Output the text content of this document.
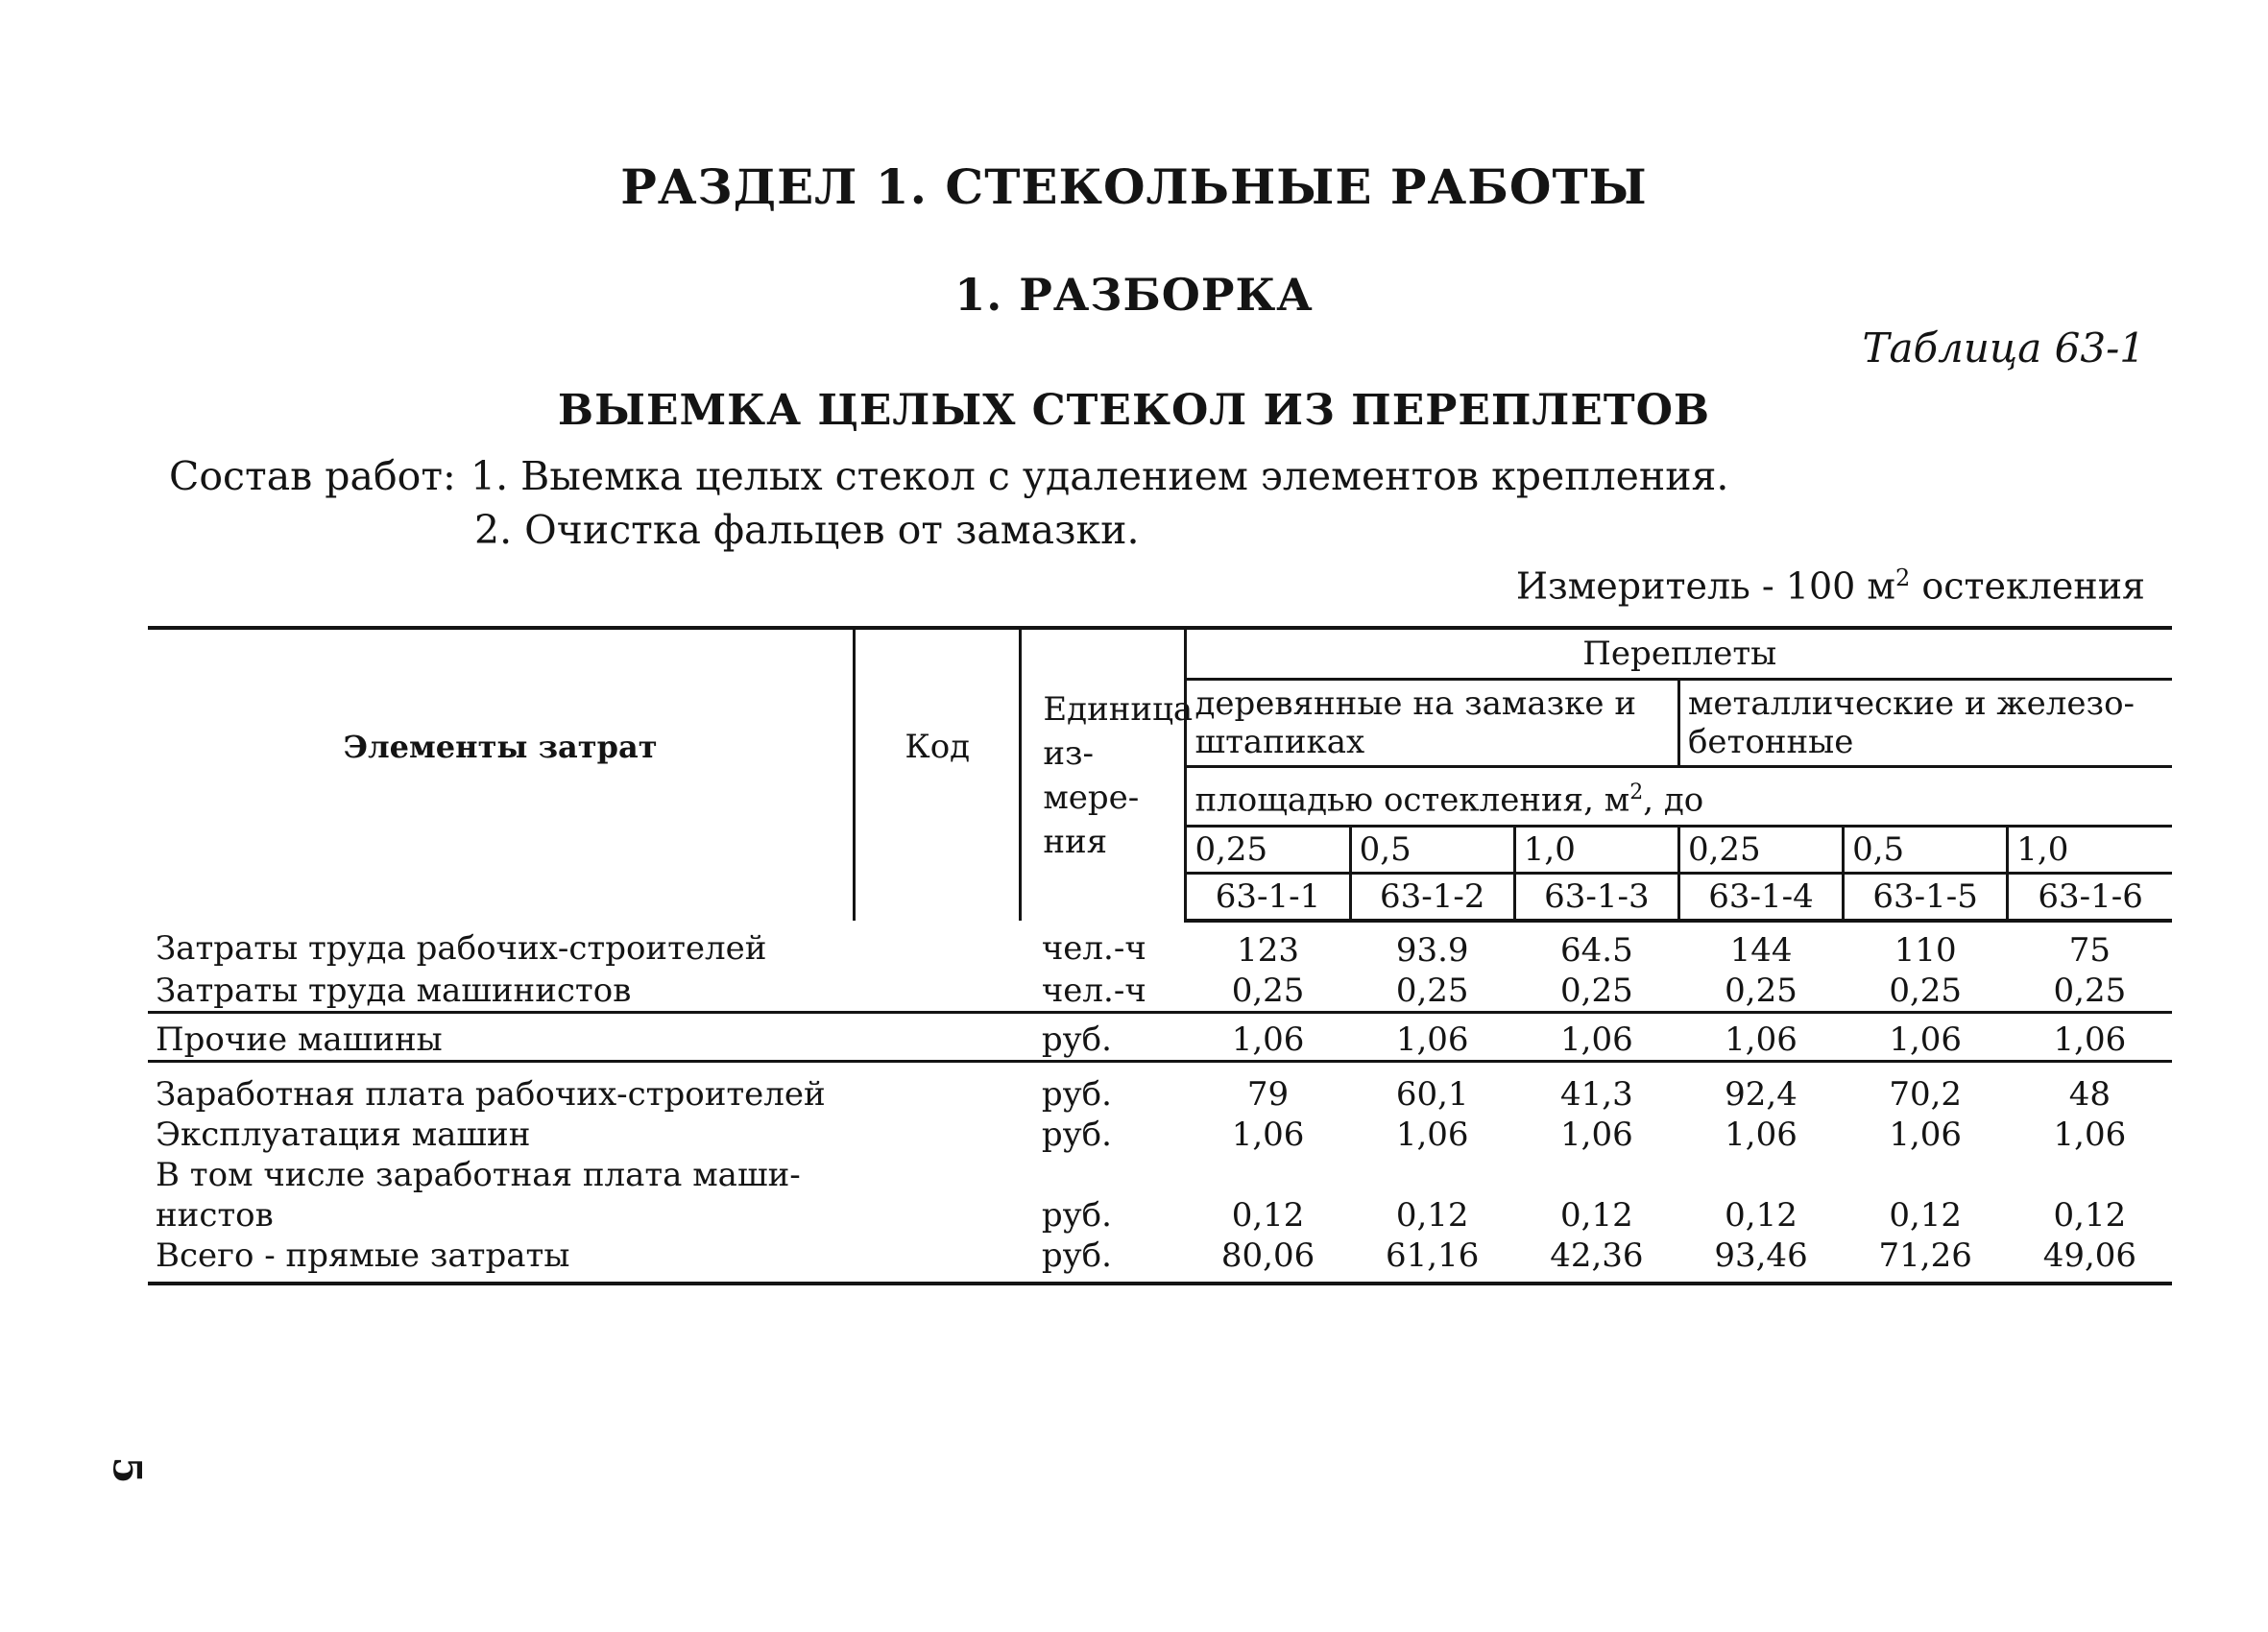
РАЗДЕЛ 1. СТЕКОЛЬНЫЕ РАБОТЫ
1. РАЗБОРКА
Таблица 63-1
ВЫЕМКА ЦЕЛЫХ СТЕКОЛ ИЗ ПЕРЕПЛЕТОВ
Состав работ: 1. Выемка целых стекол с удалением элементов крепления.
2. Очистка фальцев от замазки.
Измеритель - 100 $м^2$ остекления
Элементы затрат	Код	Единица из-мере-ния	Переплеты					
			деревянные на замазке и штапиках			металлические и железо-бетонные		
			площадью остекления, $м^2$, до					
			0,25	0,5	1,0	0,25	0,5	1,0
			63-1-1	63-1-2	63-1-3	63-1-4	63-1-5	63-1-6
Затраты труда рабочих-строителей		чел.-ч	123	93.9	64.5	144	110	75
Затраты труда машинистов		чел.-ч	0,25	0,25	0,25	0,25	0,25	0,25
Прочие машины		руб.	1,06	1,06	1,06	1,06	1,06	1,06
Заработная плата рабочих-строителей		руб.	79	60,1	41,3	92,4	70,2	48
Эксплуатация машин		руб.	1,06	1,06	1,06	1,06	1,06	1,06
В том числе заработная плата маши-
нистов		руб.	0,12	0,12	0,12	0,12	0,12	0,12
Всего - прямые затраты		руб.	80,06	61,16	42,36	93,46	71,26	49,06
5
